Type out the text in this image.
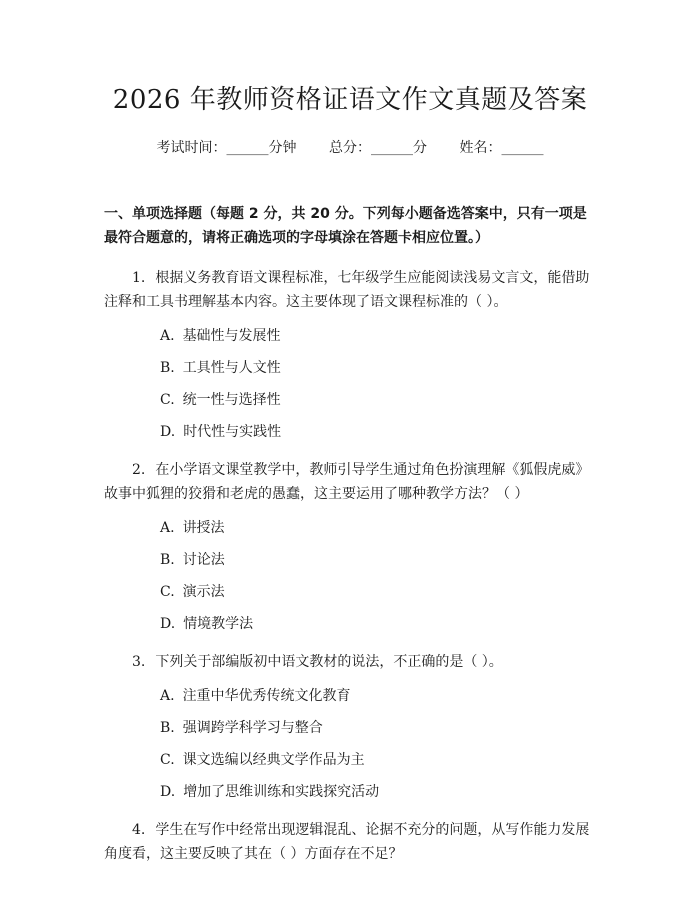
2026 年教师资格证语文作文真题及答案
考试时间：______分钟 总分：______分 姓名：______
一、单项选择题（每题 2 分，共 20 分。下列每小题备选答案中，只有一项是最符合题意的，请将正确选项的字母填涂在答题卡相应位置。）
1. 根据义务教育语文课程标准，七年级学生应能阅读浅易文言文，能借助注释和工具书理解基本内容。这主要体现了语文课程标准的（ ）。
A. 基础性与发展性
B. 工具性与人文性
C. 统一性与选择性
D. 时代性与实践性
2. 在小学语文课堂教学中，教师引导学生通过角色扮演理解《狐假虎威》故事中狐狸的狡猾和老虎的愚蠢，这主要运用了哪种教学方法？（ ）
A. 讲授法
B. 讨论法
C. 演示法
D. 情境教学法
3. 下列关于部编版初中语文教材的说法，不正确的是（ ）。
A. 注重中华优秀传统文化教育
B. 强调跨学科学习与整合
C. 课文选编以经典文学作品为主
D. 增加了思维训练和实践探究活动
4. 学生在写作中经常出现逻辑混乱、论据不充分的问题，从写作能力发展角度看，这主要反映了其在（ ）方面存在不足？
